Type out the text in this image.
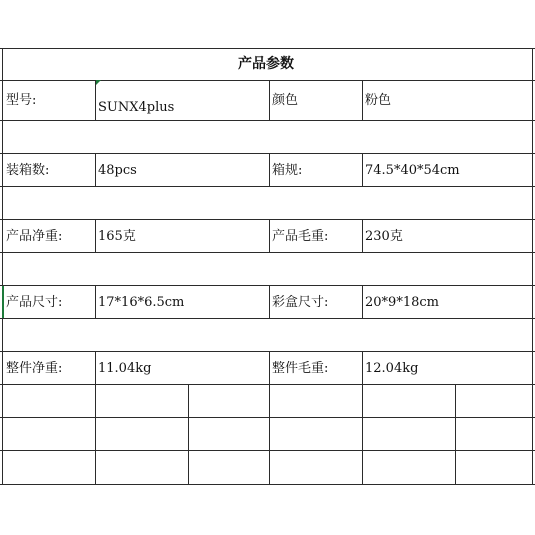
产品参数
型号:	SUNX4plus	颜色	粉色
装箱数:	48pcs	箱规:	74.5*40*54cm
产品净重:	165克	产品毛重:	230克
产品尺寸:	17*16*6.5cm	彩盒尺寸:	20*9*18cm
整件净重:	11.04kg	整件毛重:	12.04kg
